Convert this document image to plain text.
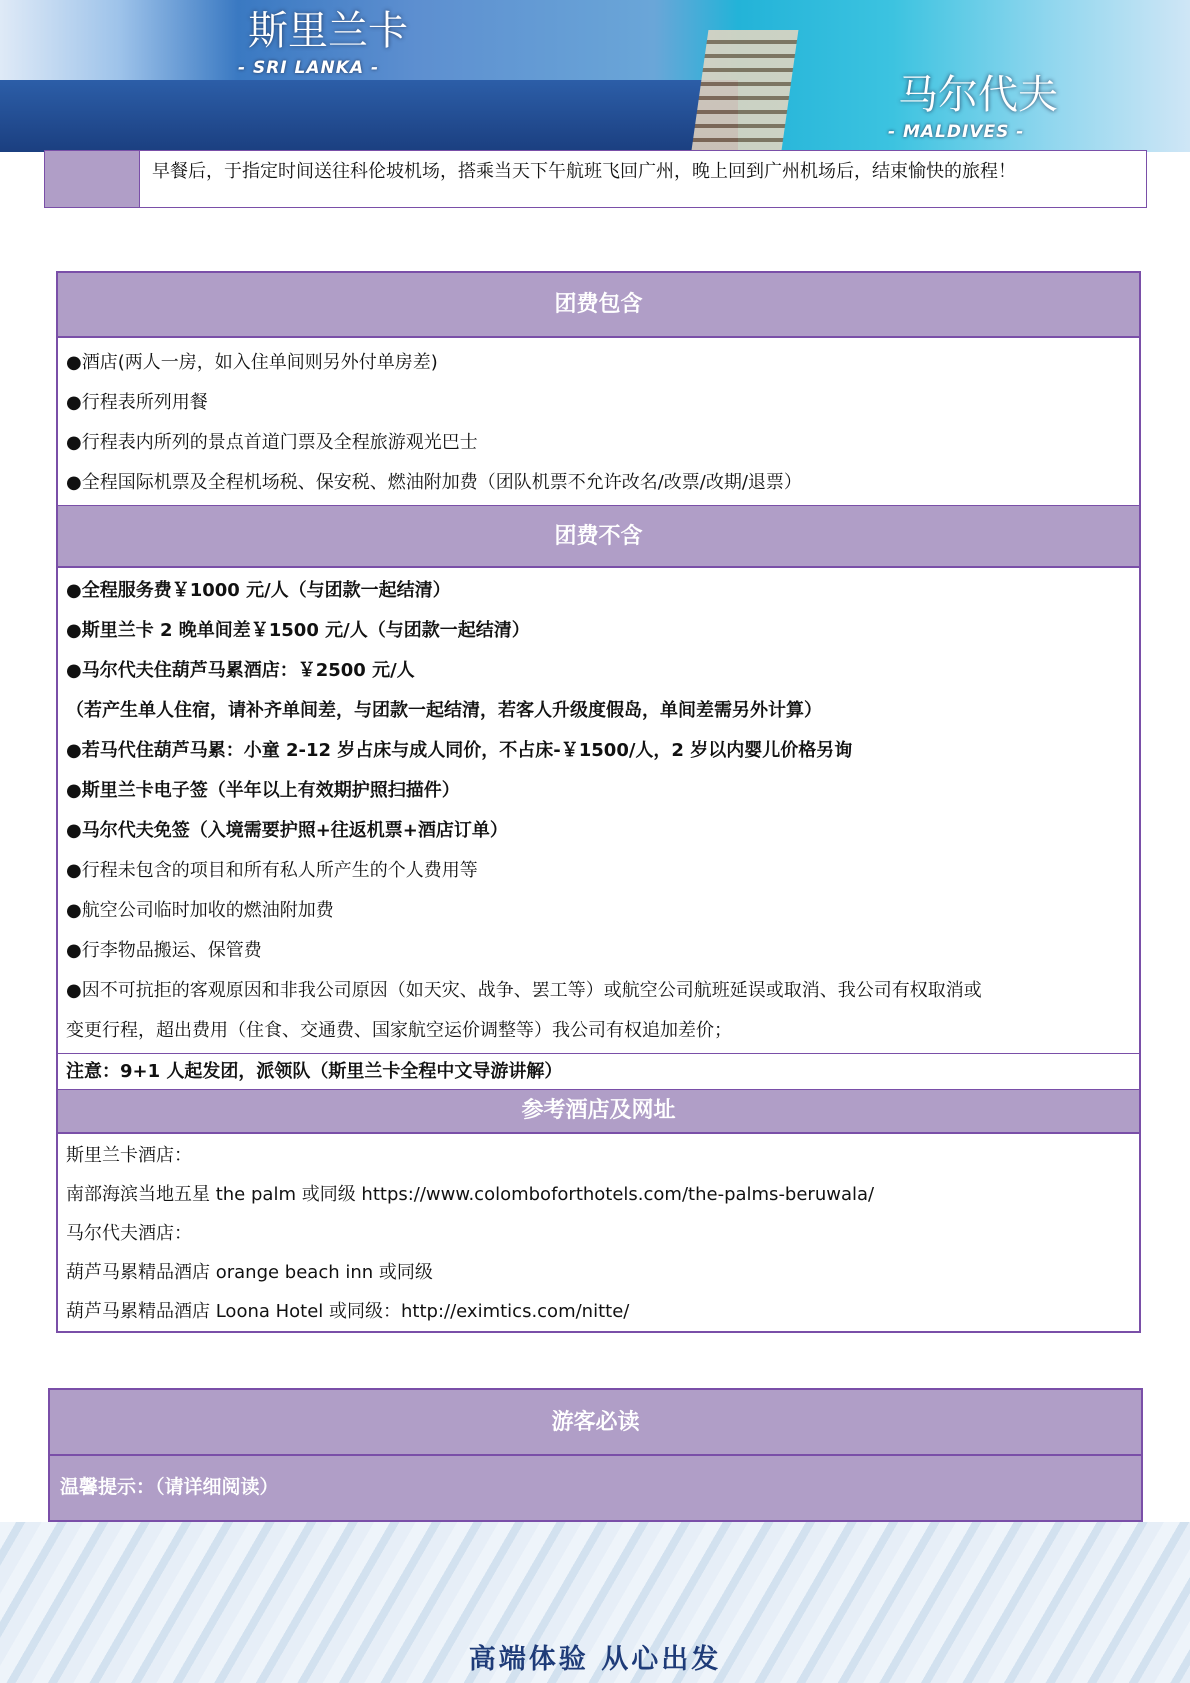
斯里兰卡
- SRI LANKA -
马尔代夫
- MALDIVES -
早餐后，于指定时间送往科伦坡机场，搭乘当天下午航班飞回广州，晚上回到广州机场后，结束愉快的旅程！
团费包含
●酒店(两人一房，如入住单间则另外付单房差)
●行程表所列用餐
●行程表内所列的景点首道门票及全程旅游观光巴士
●全程国际机票及全程机场税、保安税、燃油附加费（团队机票不允许改名/改票/改期/退票）
团费不含
●全程服务费￥1000 元/人（与团款一起结清）
●斯里兰卡 2 晚单间差￥1500 元/人（与团款一起结清）
●马尔代夫住葫芦马累酒店：￥2500 元/人
（若产生单人住宿，请补齐单间差，与团款一起结清，若客人升级度假岛，单间差需另外计算）
●若马代住葫芦马累：小童 2-12 岁占床与成人同价，不占床-￥1500/人，2 岁以内婴儿价格另询
●斯里兰卡电子签（半年以上有效期护照扫描件）
●马尔代夫免签（入境需要护照+往返机票+酒店订单）
●行程未包含的项目和所有私人所产生的个人费用等
●航空公司临时加收的燃油附加费
●行李物品搬运、保管费
●因不可抗拒的客观原因和非我公司原因（如天灾、战争、罢工等）或航空公司航班延误或取消、我公司有权取消或
变更行程，超出费用（住食、交通费、国家航空运价调整等）我公司有权追加差价；
注意：9+1 人起发团，派领队（斯里兰卡全程中文导游讲解）
参考酒店及网址
斯里兰卡酒店：
南部海滨当地五星 the palm 或同级 https://www.colomboforthotels.com/the-palms-beruwala/
马尔代夫酒店：
葫芦马累精品酒店 orange beach inn 或同级
葫芦马累精品酒店 Loona Hotel 或同级：http://eximtics.com/nitte/
游客必读
温馨提示：（请详细阅读）
高端体验 从心出发
